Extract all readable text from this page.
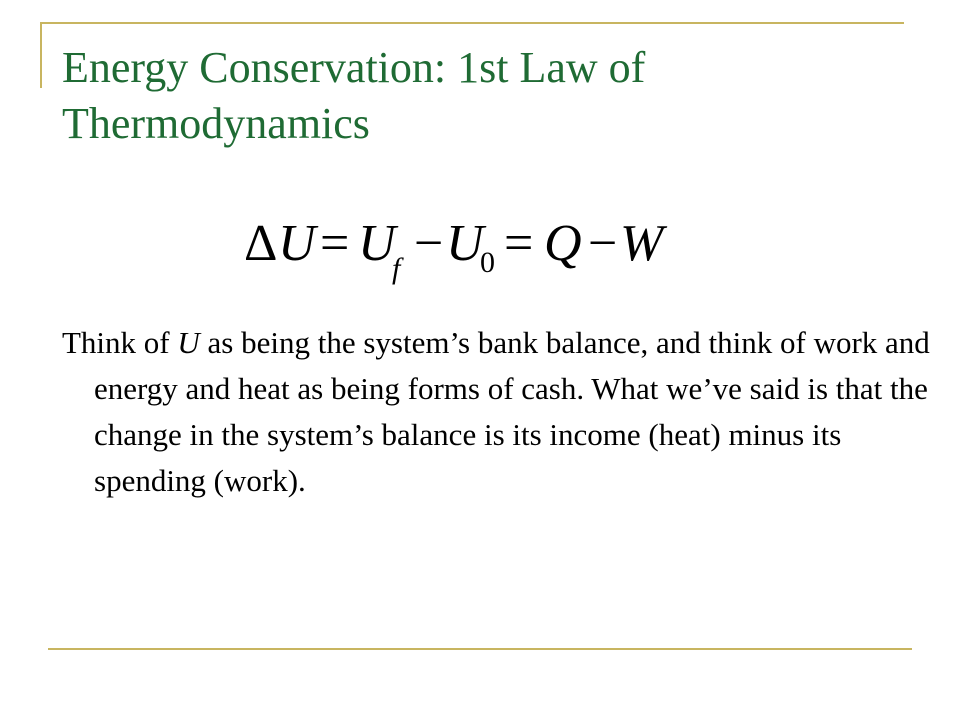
Energy Conservation: 1st Law of Thermodynamics
Δ U = U
f − U
0 = Q − W

Think of U as being the system’s bank balance, and think of work and energy and heat as being forms of cash. What we’ve said is that the change in the system’s balance is its income (heat) minus its spending (work).
